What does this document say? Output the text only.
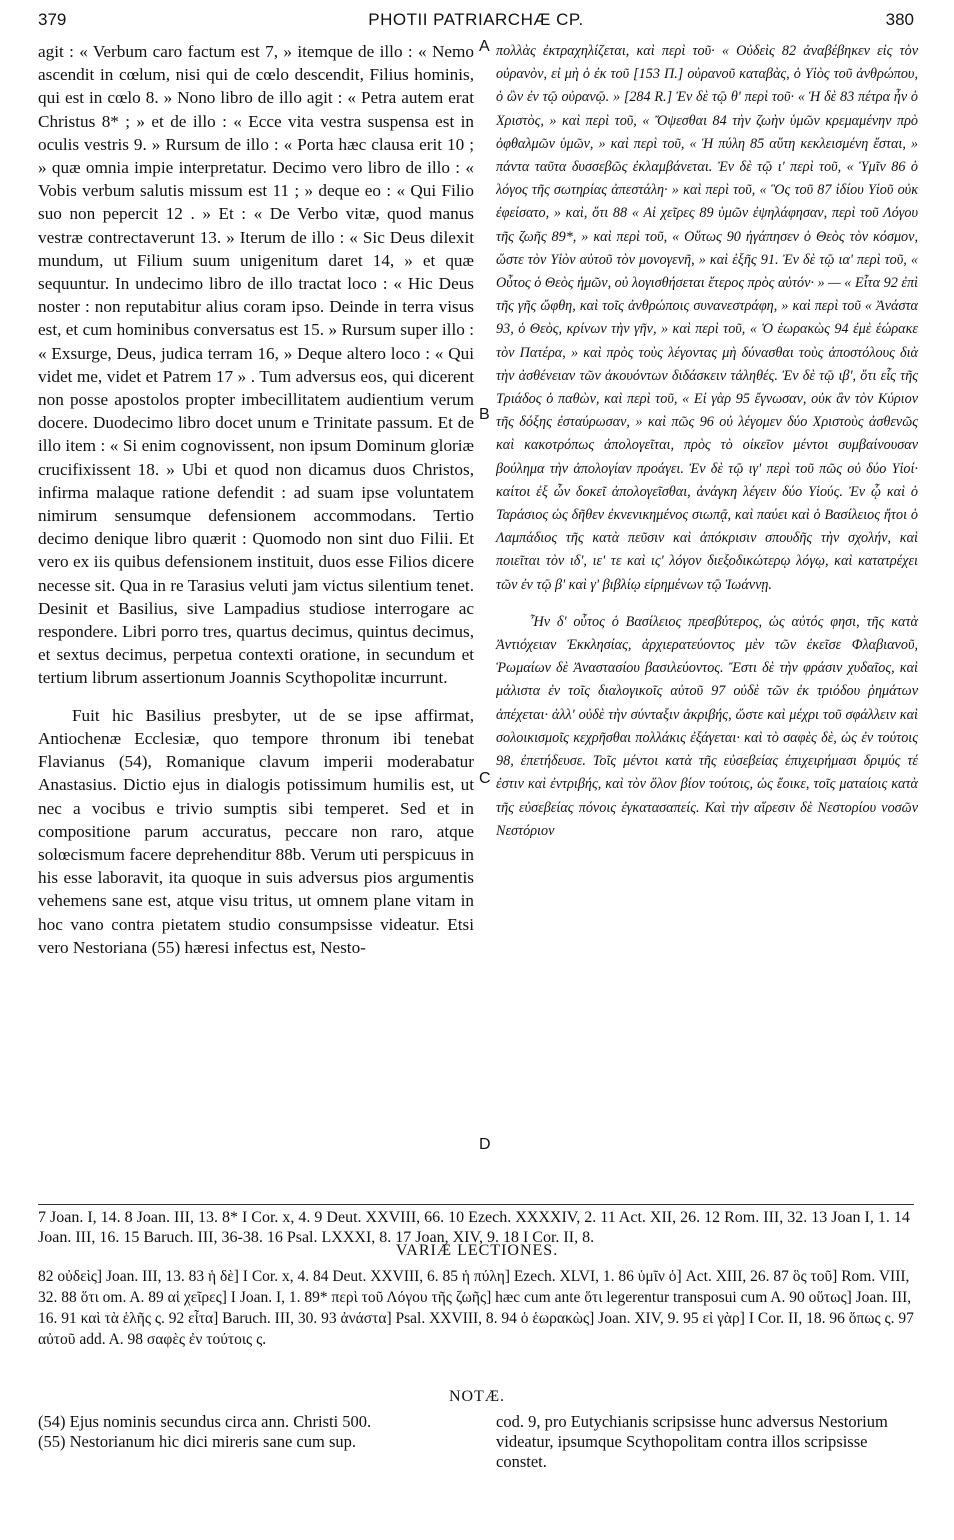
379	PHOTII PATRIARCHÆ CP.	380
A
B
C
D

agit : « Verbum caro factum est 7, » itemque de illo : « Nemo ascendit in cœlum, nisi qui de cœlo descendit, Filius hominis, qui est in cœlo 8. » Nono libro de illo agit : « Petra autem erat Christus 8* ; » et de illo : « Ecce vita vestra suspensa est in oculis vestris 9. » Rursum de illo : « Porta hæc clausa erit 10 ; » quæ omnia impie interpretatur. Decimo vero libro de illo : « Vobis verbum salutis missum est 11 ; » deque eo : « Qui Filio suo non pepercit 12 . » Et : « De Verbo vitæ, quod manus vestræ contrectaverunt 13. » Iterum de illo : « Sic Deus dilexit mundum, ut Filium suum unigenitum daret 14, » et quæ sequuntur. In undecimo libro de illo tractat loco : « Hic Deus noster : non reputabitur alius coram ipso. Deinde in terra visus est, et cum hominibus conversatus est 15. » Rursum super illo : « Exsurge, Deus, judica terram 16, » Deque altero loco : « Qui videt me, videt et Patrem 17 » . Tum adversus eos, qui dicerent non posse apostolos propter imbecillitatem audientium verum docere. Duodecimo libro docet unum e Trinitate passum. Et de illo item : « Si enim cognovissent, non ipsum Dominum gloriæ crucifixissent 18. » Ubi et quod non dicamus duos Christos, infirma malaque ratione defendit : ad suam ipse voluntatem nimirum sensumque defensionem accommodans. Tertio decimo denique libro quærit : Quomodo non sint duo Filii. Et vero ex iis quibus defensionem instituit, duos esse Filios dicere necesse sit. Qua in re Tarasius veluti jam victus silentium tenet. Desinit et Basilius, sive Lampadius studiose interrogare ac respondere. Libri porro tres, quartus decimus, quintus decimus, et sextus decimus, perpetua contexti oratione, in secundum et tertium librum assertionum Joannis Scythopolitæ incurrunt.

Fuit hic Basilius presbyter, ut de se ipse affirmat, Antiochenæ Ecclesiæ, quo tempore thronum ibi tenebat Flavianus (54), Romanique clavum imperii moderabatur Anastasius. Dictio ejus in dialogis potissimum humilis est, ut nec a vocibus e trivio sumptis sibi temperet. Sed et in compositione parum accuratus, peccare non raro, atque solœcismum facere deprehenditur 88b. Verum uti perspicuus in his esse laboravit, ita quoque in suis adversus pios argumentis vehemens sane est, atque visu tritus, ut omnem plane vitam in hoc vano contra pietatem studio consumpsisse videatur. Etsi vero Nestoriana (55) hæresi infectus est, Nesto-

πολλὰς ἐκτραχηλίζεται, καὶ περὶ τοῦ· « Οὐδεὶς 82 ἀναβέβηκεν εἰς τὸν οὐρανὸν, εἰ μὴ ὁ ἐκ τοῦ [153 Π.] οὐρανοῦ καταβὰς, ὁ Υἱὸς τοῦ ἀνθρώπου, ὁ ὢν ἐν τῷ οὐρανῷ. » [284 R.] Ἐν δὲ τῷ θ' περὶ τοῦ· « Ἡ δὲ 83 πέτρα ἦν ὁ Χριστὸς, » καὶ περὶ τοῦ, « Ὄψεσθαι 84 τὴν ζωὴν ὑμῶν κρεμαμένην πρὸ ὀφθαλμῶν ὑμῶν, » καὶ περὶ τοῦ, « Ἡ πύλη 85 αὕτη κεκλεισμένη ἔσται, » πάντα ταῦτα δυσσεβῶς ἐκλαμβάνεται. Ἐν δὲ τῷ ι' περὶ τοῦ, « Ὑμῖν 86 ὁ λόγος τῆς σωτηρίας ἀπεστάλη· » καὶ περὶ τοῦ, « Ὃς τοῦ 87 ἰδίου Υἱοῦ οὐκ ἐφείσατο, » καὶ, ὅτι 88 « Αἱ χεῖρες 89 ὑμῶν ἐψηλάφησαν, περὶ τοῦ Λόγου τῆς ζωῆς 89*, » καὶ περὶ τοῦ, « Οὕτως 90 ἠγάπησεν ὁ Θεὸς τὸν κόσμον, ὥστε τὸν Υἱὸν αὐτοῦ τὸν μονογενῆ, » καὶ ἑξῆς 91. Ἐν δὲ τῷ ια' περὶ τοῦ, « Οὗτος ὁ Θεὸς ἡμῶν, οὐ λογισθήσεται ἕτερος πρὸς αὐτόν· » — « Εἶτα 92 ἐπὶ τῆς γῆς ὤφθη, καὶ τοῖς ἀνθρώποις συνανεστράφη, » καὶ περὶ τοῦ « Ἀνάστα 93, ὁ Θεὸς, κρίνων τὴν γῆν, » καὶ περὶ τοῦ, « Ὁ ἑωρακὼς 94 ἐμὲ ἑώρακε τὸν Πατέρα, » καὶ πρὸς τοὺς λέγοντας μὴ δύνασθαι τοὺς ἀποστόλους διὰ τὴν ἀσθένειαν τῶν ἀκουόντων διδάσκειν τἀληθές. Ἐν δὲ τῷ ιβ', ὅτι εἷς τῆς Τριάδος ὁ παθὼν, καὶ περὶ τοῦ, « Εἰ γὰρ 95 ἔγνωσαν, οὐκ ἂν τὸν Κύριον τῆς δόξης ἐσταύρωσαν, » καὶ πῶς 96 οὐ λέγομεν δύο Χριστοὺς ἀσθενῶς καὶ κακοτρόπως ἀπολογεῖται, πρὸς τὸ οἰκεῖον μέντοι συμβαίνουσαν βούλημα τὴν ἀπολογίαν προάγει. Ἐν δὲ τῷ ιγ' περὶ τοῦ πῶς οὐ δύο Υἱοί· καίτοι ἐξ ὧν δοκεῖ ἀπολογεῖσθαι, ἀνάγκη λέγειν δύο Υἱούς. Ἐν ᾧ καὶ ὁ Ταράσιος ὡς δῆθεν ἐκνενικημένος σιωπᾷ, καὶ παύει καὶ ὁ Βασίλειος ἤτοι ὁ Λαμπάδιος τῆς κατὰ πεῦσιν καὶ ἀπόκρισιν σπουδῆς τὴν σχολήν, καὶ ποιεῖται τὸν ιδ', ιε' τε καὶ ις' λόγον διεξοδικώτερῳ λόγῳ, καὶ κατατρέχει τῶν ἐν τῷ β' καὶ γ' βιβλίῳ εἰρημένων τῷ Ἰωάννῃ.

Ἦν δ' οὗτος ὁ Βασίλειος πρεσβύτερος, ὡς αὐτός φησι, τῆς κατὰ Ἀντιόχειαν Ἐκκλησίας, ἀρχιερατεύοντος μὲν τῶν ἐκεῖσε Φλαβιανοῦ, Ῥωμαίων δὲ Ἀναστασίου βασιλεύοντος. Ἔστι δὲ τὴν φράσιν χυδαῖος, καὶ μάλιστα ἐν τοῖς διαλογικοῖς αὐτοῦ 97 οὐδὲ τῶν ἐκ τριόδου ῥημάτων ἀπέχεται· ἀλλ' οὐδὲ τὴν σύνταξιν ἀκριβής, ὥστε καὶ μέχρι τοῦ σφάλλειν καὶ σολοικισμοῖς κεχρῆσθαι πολλάκις ἐξάγεται· καὶ τὸ σαφὲς δὲ, ὡς ἐν τούτοις 98, ἐπετήδευσε. Τοῖς μέντοι κατὰ τῆς εὐσεβείας ἐπιχειρήμασι δριμύς τέ ἐστιν καὶ ἐντριβής, καὶ τὸν ὅλον βίον τούτοις, ὡς ἔοικε, τοῖς ματαίοις κατὰ τῆς εὐσεβείας πόνοις ἐγκατασαπείς. Καὶ τὴν αἵρεσιν δὲ Νεστορίου νοσῶν Νεστόριον

7 Joan. I, 14. 8 Joan. III, 13. 8* I Cor. x, 4. 9 Deut. XXVIII, 66. 10 Ezech. XXXXIV, 2. 11 Act. XII, 26. 12 Rom. III, 32. 13 Joan I, 1. 14 Joan. III, 16. 15 Baruch. III, 36-38. 16 Psal. LXXXI, 8. 17 Joan, XIV, 9. 18 I Cor. II, 8.

VARIÆ LECTIONES.

82 οὐδεὶς] Joan. III, 13. 83 ἡ δὲ] I Cor. x, 4. 84 Deut. XXVIII, 6. 85 ἡ πύλη] Ezech. XLVI, 1. 86 ὑμῖν ὁ] Act. XIII, 26. 87 ὃς τοῦ] Rom. VIII, 32. 88 ὅτι om. A. 89 αἱ χεῖρες] I Joan. I, 1. 89* περὶ τοῦ Λόγου τῆς ζωῆς] hæc cum ante ὅτι legerentur transposui cum A. 90 οὕτως] Joan. III, 16. 91 καὶ τὰ ἑλῆς ς. 92 εἶτα] Baruch. III, 30. 93 ἀνάστα] Psal. XXVIII, 8. 94 ὁ ἑωρακὼς] Joan. XIV, 9. 95 εἰ γὰρ] I Cor. II, 18. 96 ὅπως ς. 97 αὐτοῦ add. A. 98 σαφὲς ἐν τούτοις ς.

NOTÆ.

(54) Ejus nominis secundus circa ann. Christi 500.

(55) Nestorianum hic dici mireris sane cum sup.

cod. 9, pro Eutychianis scripsisse hunc adversus Nestorium videatur, ipsumque Scythopolitam contra illos scripsisse constet.
